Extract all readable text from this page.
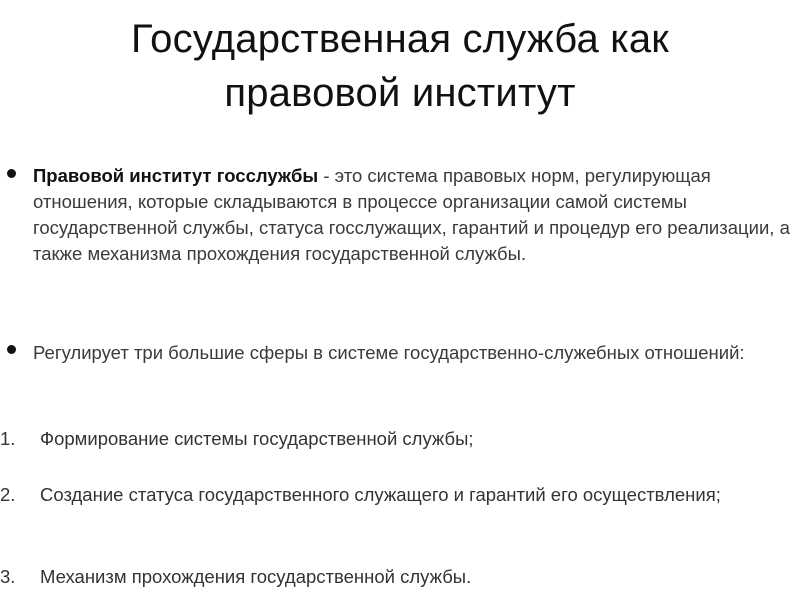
Государственная служба как
правовой институт
Правовой институт госслужбы - это система правовых норм, регулирующая отношения, которые складываются в процессе организации самой системы государственной службы, статуса госслужащих, гарантий и процедур его реализации, а также механизма прохождения государственной службы.
Регулирует три большие сферы в системе государственно-служебных отношений:
1. Формирование системы государственной службы;
2. Создание статуса государственного служащего и гарантий его осуществления;
3. Механизм прохождения государственной службы.
